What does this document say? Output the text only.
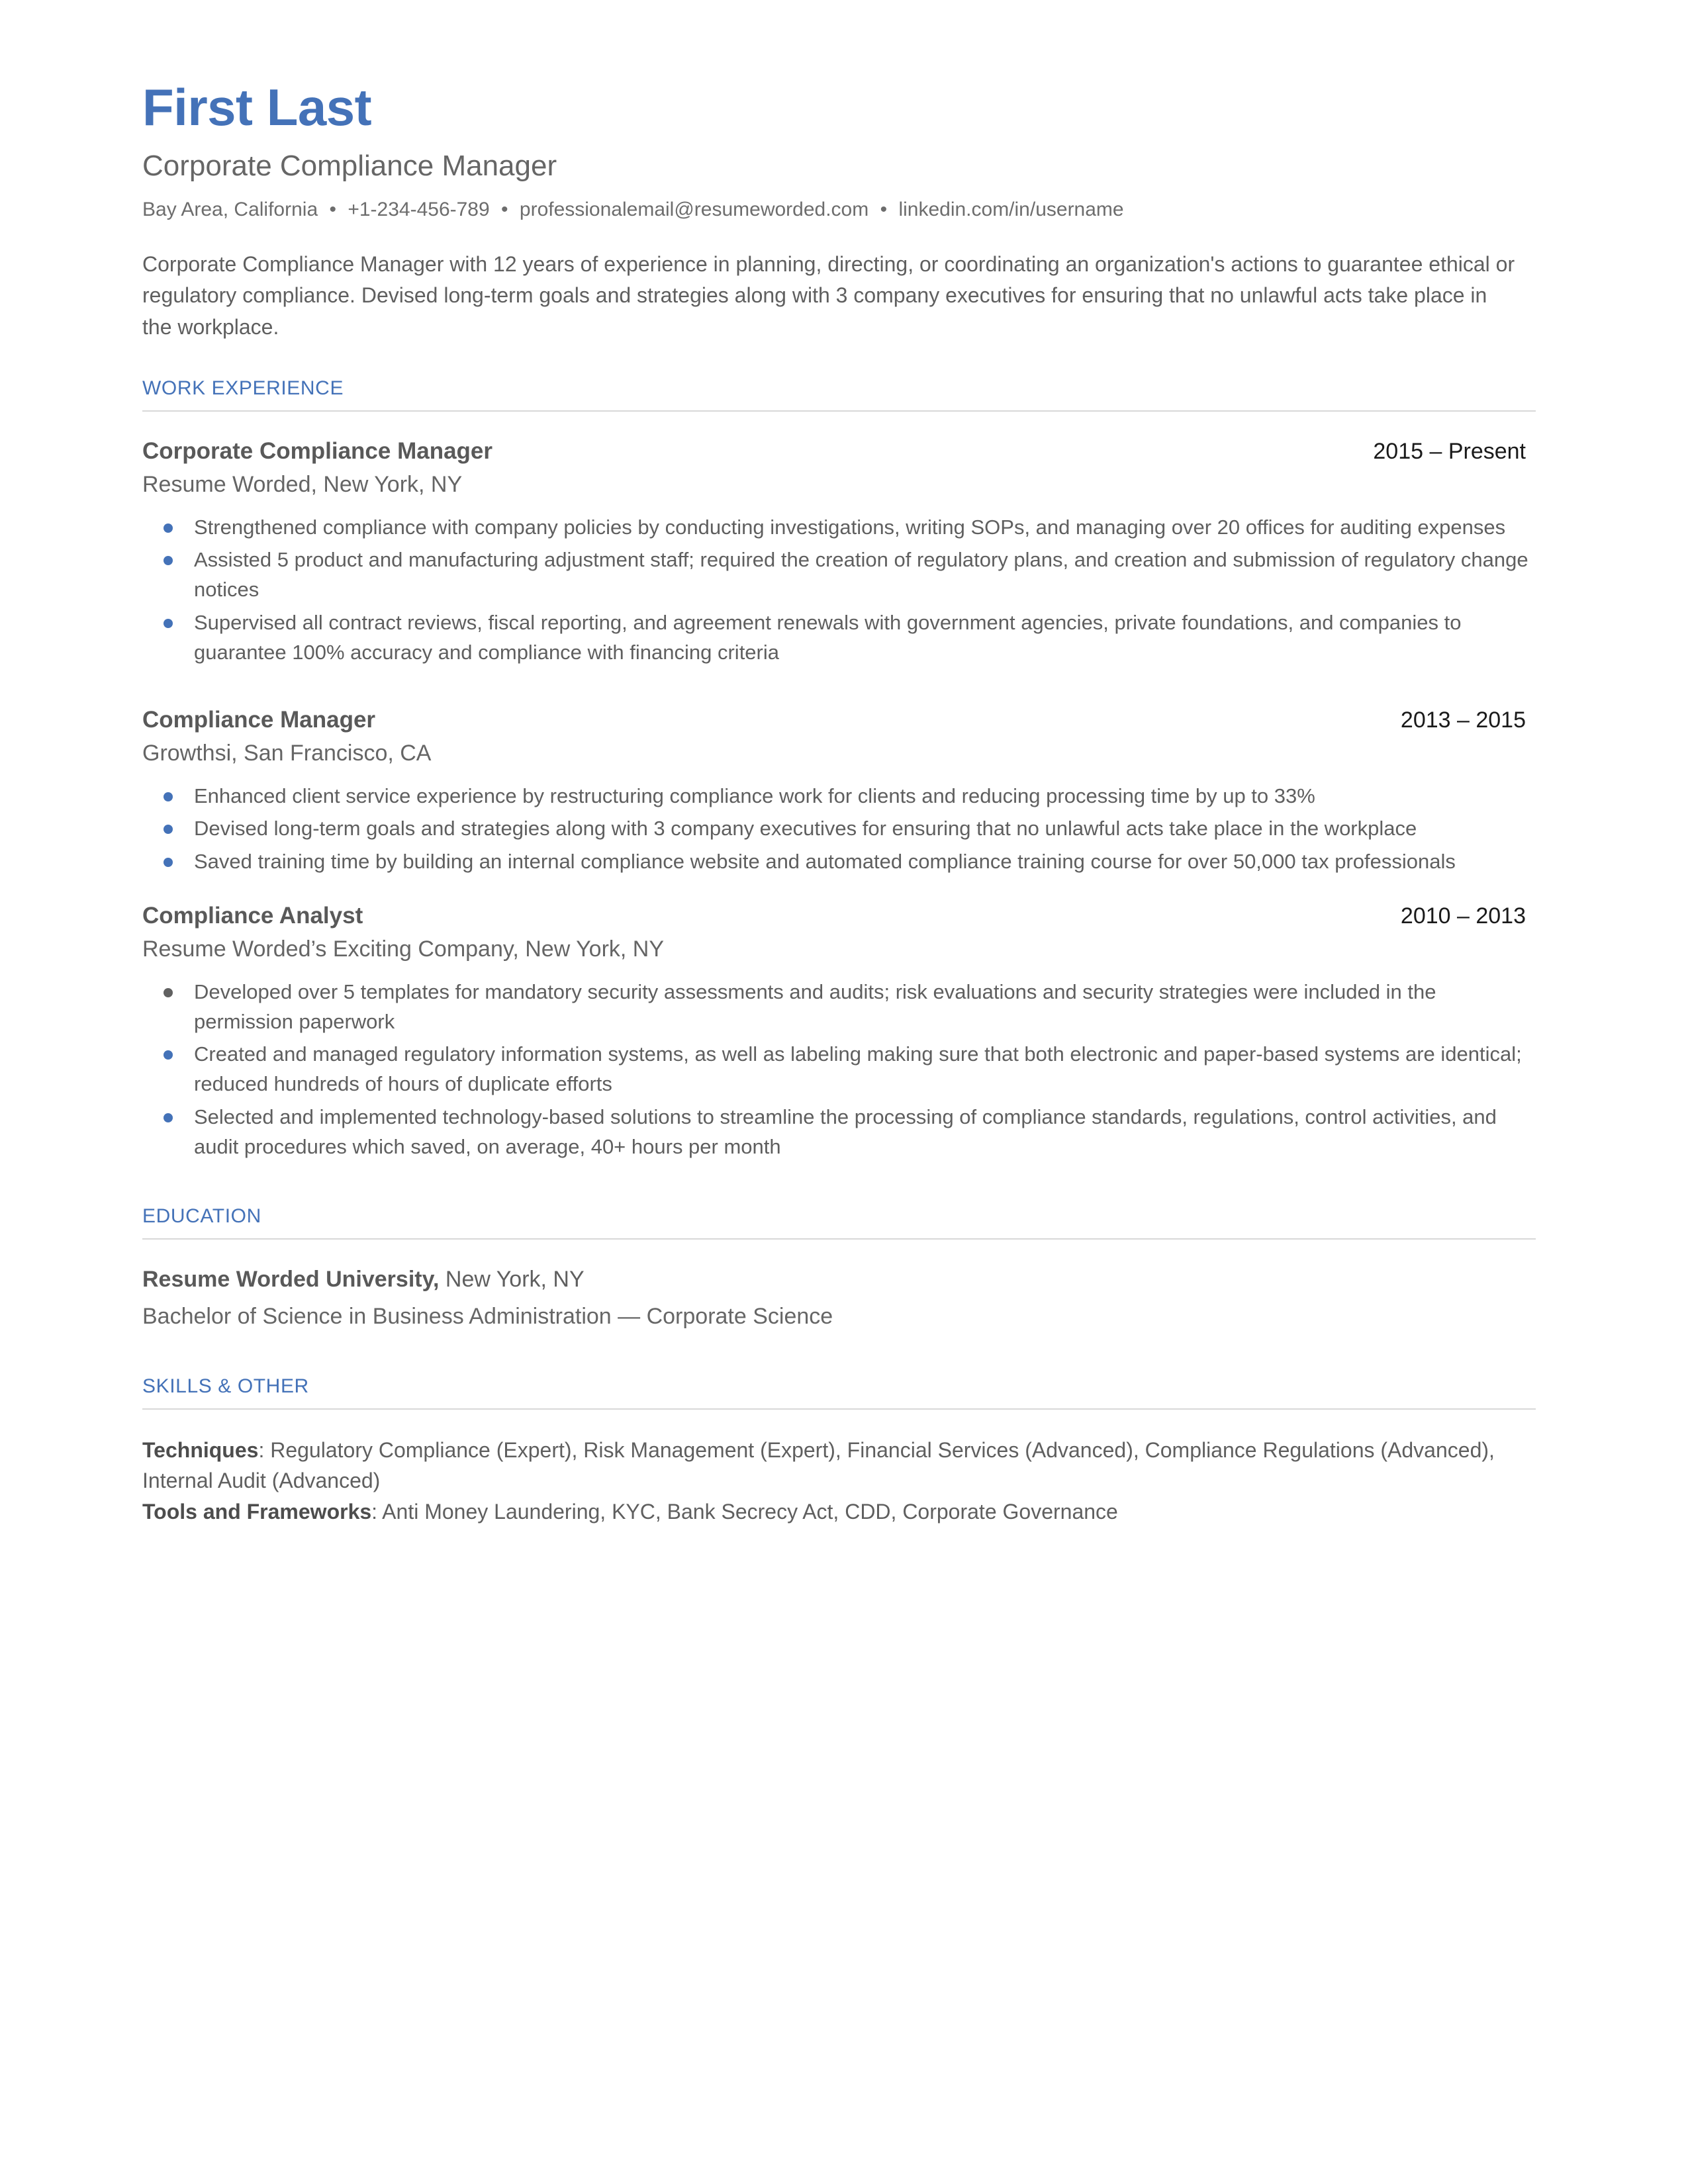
First Last
Corporate Compliance Manager
Bay Area, California • +1-234-456-789 • professionalemail@resumeworded.com • linkedin.com/in/username

Corporate Compliance Manager with 12 years of experience in planning, directing, or coordinating an organization's actions to guarantee ethical or regulatory compliance. Devised long-term goals and strategies along with 3 company executives for ensuring that no unlawful acts take place in the workplace.

WORK EXPERIENCE
Corporate Compliance Manager	2015 – Present
Resume Worded, New York, NY
Strengthened compliance with company policies by conducting investigations, writing SOPs, and managing over 20 offices for auditing expenses
Assisted 5 product and manufacturing adjustment staff; required the creation of regulatory plans, and creation and submission of regulatory change notices
Supervised all contract reviews, fiscal reporting, and agreement renewals with government agencies, private foundations, and companies to guarantee 100% accuracy and compliance with financing criteria
Compliance Manager	2013 – 2015
Growthsi, San Francisco, CA
Enhanced client service experience by restructuring compliance work for clients and reducing processing time by up to 33%
Devised long-term goals and strategies along with 3 company executives for ensuring that no unlawful acts take place in the workplace
Saved training time by building an internal compliance website and automated compliance training course for over 50,000 tax professionals
Compliance Analyst	2010 – 2013
Resume Worded’s Exciting Company, New York, NY
Developed over 5 templates for mandatory security assessments and audits; risk evaluations and security strategies were included in the permission paperwork
Created and managed regulatory information systems, as well as labeling making sure that both electronic and paper-based systems are identical; reduced hundreds of hours of duplicate efforts
Selected and implemented technology-based solutions to streamline the processing of compliance standards, regulations, control activities, and audit procedures which saved, on average, 40+ hours per month
EDUCATION
Resume Worded University, New York, NY
Bachelor of Science in Business Administration — Corporate Science
SKILLS & OTHER
Techniques: Regulatory Compliance (Expert), Risk Management (Expert), Financial Services (Advanced), Compliance Regulations (Advanced), Internal Audit (Advanced)
Tools and Frameworks: Anti Money Laundering, KYC, Bank Secrecy Act, CDD, Corporate Governance
